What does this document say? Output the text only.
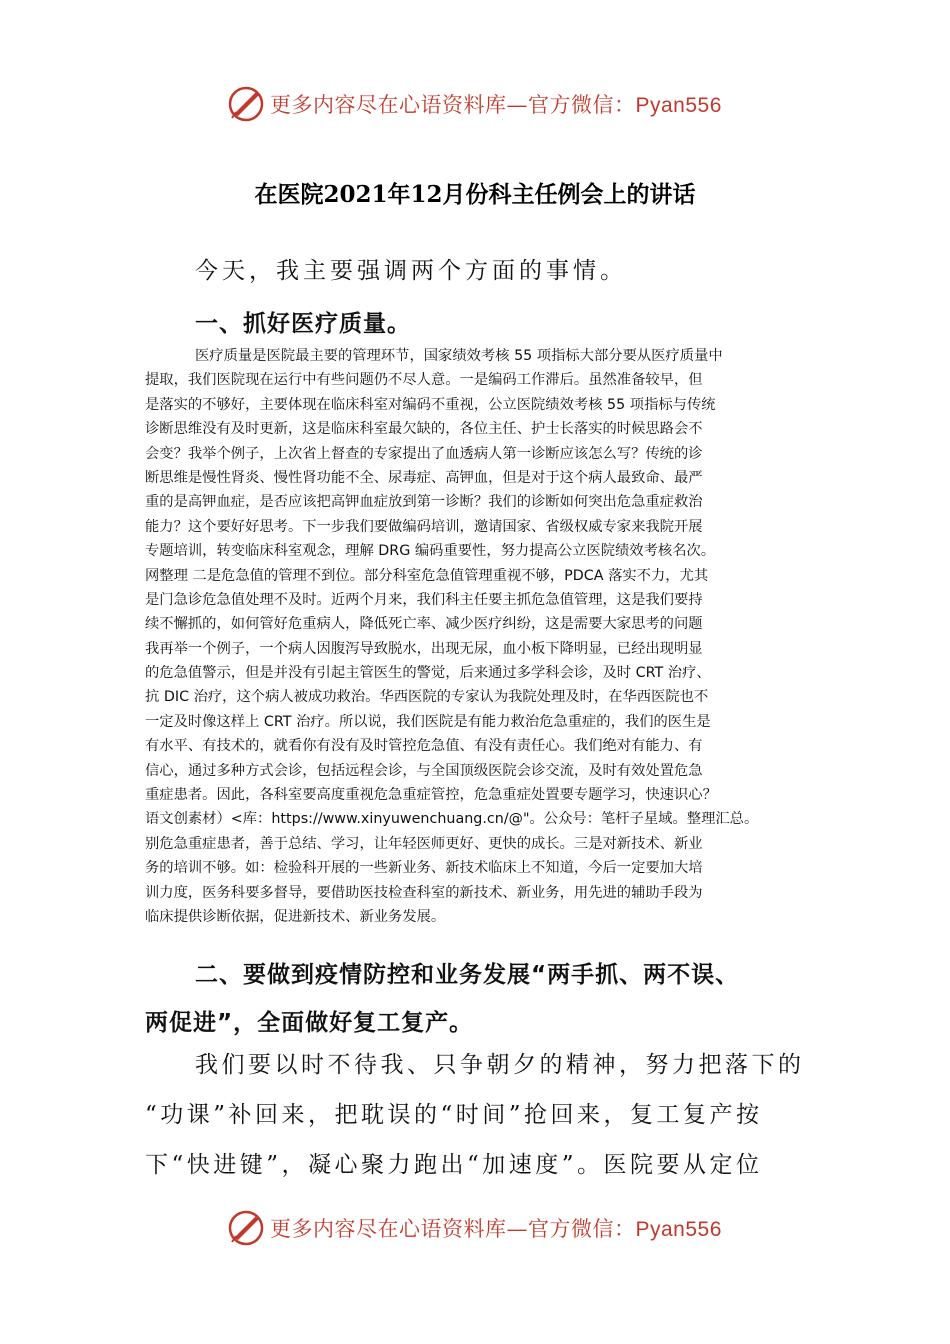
更多内容尽在心语资料库—官方微信：Pyan556
在医院2021年12月份科主任例会上的讲话
今天，我主要强调两个方面的事情。
一、抓好医疗质量。
医疗质量是医院最主要的管理环节，国家绩效考核 55 项指标大部分要从医疗质量中
提取，我们医院现在运行中有些问题仍不尽人意。一是编码工作滞后。虽然准备较早，但
是落实的不够好，主要体现在临床科室对编码不重视，公立医院绩效考核 55 项指标与传统
诊断思维没有及时更新，这是临床科室最欠缺的，各位主任、护士长落实的时候思路会不
会变？我举个例子，上次省上督查的专家提出了血透病人第一诊断应该怎么写？传统的诊
断思维是慢性肾炎、慢性肾功能不全、尿毒症、高钾血，但是对于这个病人最致命、最严
重的是高钾血症，是否应该把高钾血症放到第一诊断？我们的诊断如何突出危急重症救治
能力？这个要好好思考。下一步我们要做编码培训，邀请国家、省级权威专家来我院开展
专题培训，转变临床科室观念，理解 DRG 编码重要性，努力提高公立医院绩效考核名次。
网整理 二是危急值的管理不到位。部分科室危急值管理重视不够，PDCA 落实不力，尤其
是门急诊危急值处理不及时。近两个月来，我们科主任要主抓危急值管理，这是我们要持
续不懈抓的，如何管好危重病人，降低死亡率、减少医疗纠纷，这是需要大家思考的问题
我再举一个例子，一个病人因腹泻导致脱水，出现无尿，血小板下降明显，已经出现明显
的危急值警示，但是并没有引起主管医生的警觉，后来通过多学科会诊，及时 CRT 治疗、
抗 DIC 治疗，这个病人被成功救治。华西医院的专家认为我院处理及时，在华西医院也不
一定及时像这样上 CRT 治疗。所以说，我们医院是有能力救治危急重症的，我们的医生是
有水平、有技术的，就看你有没有及时管控危急值、有没有责任心。我们绝对有能力、有
信心，通过多种方式会诊，包括远程会诊，与全国顶级医院会诊交流，及时有效处置危急
重症患者。因此，各科室要高度重视危急重症管控，危急重症处置要专题学习，快速识心？
语文创素材）<库：https://www.xinyuwenchuang.cn/@"。公众号：笔杆子星域。整理汇总。
别危急重症患者，善于总结、学习，让年轻医师更好、更快的成长。三是对新技术、新业
务的培训不够。如：检验科开展的一些新业务、新技术临床上不知道，今后一定要加大培
训力度，医务科要多督导，要借助医技检查科室的新技术、新业务，用先进的辅助手段为
临床提供诊断依据，促进新技术、新业务发展。
二、要做到疫情防控和业务发展“两手抓、两不误、
两促进”，全面做好复工复产。
我们要以时不待我、只争朝夕的精神，努力把落下的
“功课”补回来，把耽误的“时间”抢回来，复工复产按
下“快进键”，凝心聚力跑出“加速度”。医院要从定位
更多内容尽在心语资料库—官方微信：Pyan556
